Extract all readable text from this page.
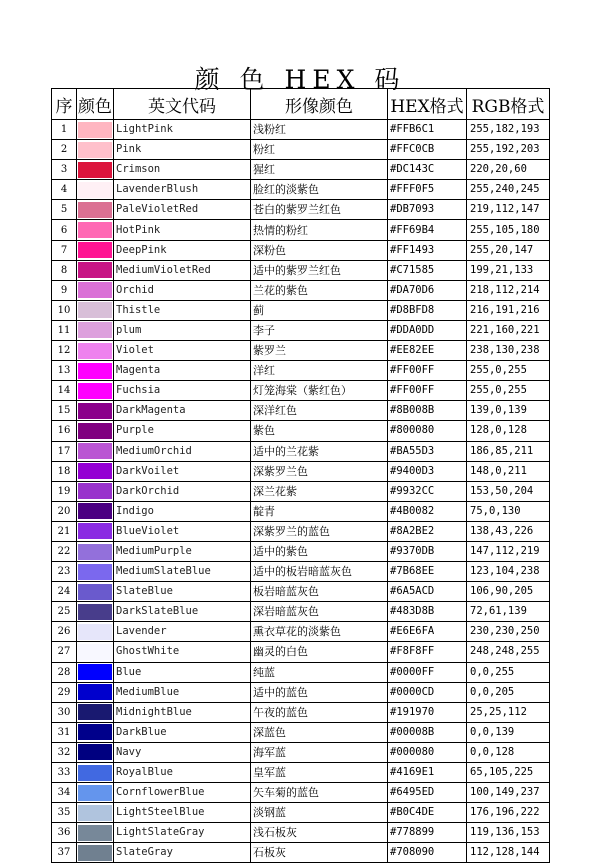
颜 色 HEX 码
序	颜色	英文代码	形像颜色	HEX格式	RGB格式
1		LightPink	浅粉红	#FFB6C1	255,182,193
2		Pink	粉红	#FFC0CB	255,192,203
3		Crimson	猩红	#DC143C	220,20,60
4		LavenderBlush	脸红的淡紫色	#FFF0F5	255,240,245
5		PaleVioletRed	苍白的紫罗兰红色	#DB7093	219,112,147
6		HotPink	热情的粉红	#FF69B4	255,105,180
7		DeepPink	深粉色	#FF1493	255,20,147
8		MediumVioletRed	适中的紫罗兰红色	#C71585	199,21,133
9		Orchid	兰花的紫色	#DA70D6	218,112,214
10		Thistle	蓟	#D8BFD8	216,191,216
11		plum	李子	#DDA0DD	221,160,221
12		Violet	紫罗兰	#EE82EE	238,130,238
13		Magenta	洋红	#FF00FF	255,0,255
14		Fuchsia	灯笼海棠（紫红色）	#FF00FF	255,0,255
15		DarkMagenta	深洋红色	#8B008B	139,0,139
16		Purple	紫色	#800080	128,0,128
17		MediumOrchid	适中的兰花紫	#BA55D3	186,85,211
18		DarkVoilet	深紫罗兰色	#9400D3	148,0,211
19		DarkOrchid	深兰花紫	#9932CC	153,50,204
20		Indigo	靛青	#4B0082	75,0,130
21		BlueViolet	深紫罗兰的蓝色	#8A2BE2	138,43,226
22		MediumPurple	适中的紫色	#9370DB	147,112,219
23		MediumSlateBlue	适中的板岩暗蓝灰色	#7B68EE	123,104,238
24		SlateBlue	板岩暗蓝灰色	#6A5ACD	106,90,205
25		DarkSlateBlue	深岩暗蓝灰色	#483D8B	72,61,139
26		Lavender	熏衣草花的淡紫色	#E6E6FA	230,230,250
27		GhostWhite	幽灵的白色	#F8F8FF	248,248,255
28		Blue	纯蓝	#0000FF	0,0,255
29		MediumBlue	适中的蓝色	#0000CD	0,0,205
30		MidnightBlue	午夜的蓝色	#191970	25,25,112
31		DarkBlue	深蓝色	#00008B	0,0,139
32		Navy	海军蓝	#000080	0,0,128
33		RoyalBlue	皇军蓝	#4169E1	65,105,225
34		CornflowerBlue	矢车菊的蓝色	#6495ED	100,149,237
35		LightSteelBlue	淡钢蓝	#B0C4DE	176,196,222
36		LightSlateGray	浅石板灰	#778899	119,136,153
37		SlateGray	石板灰	#708090	112,128,144
